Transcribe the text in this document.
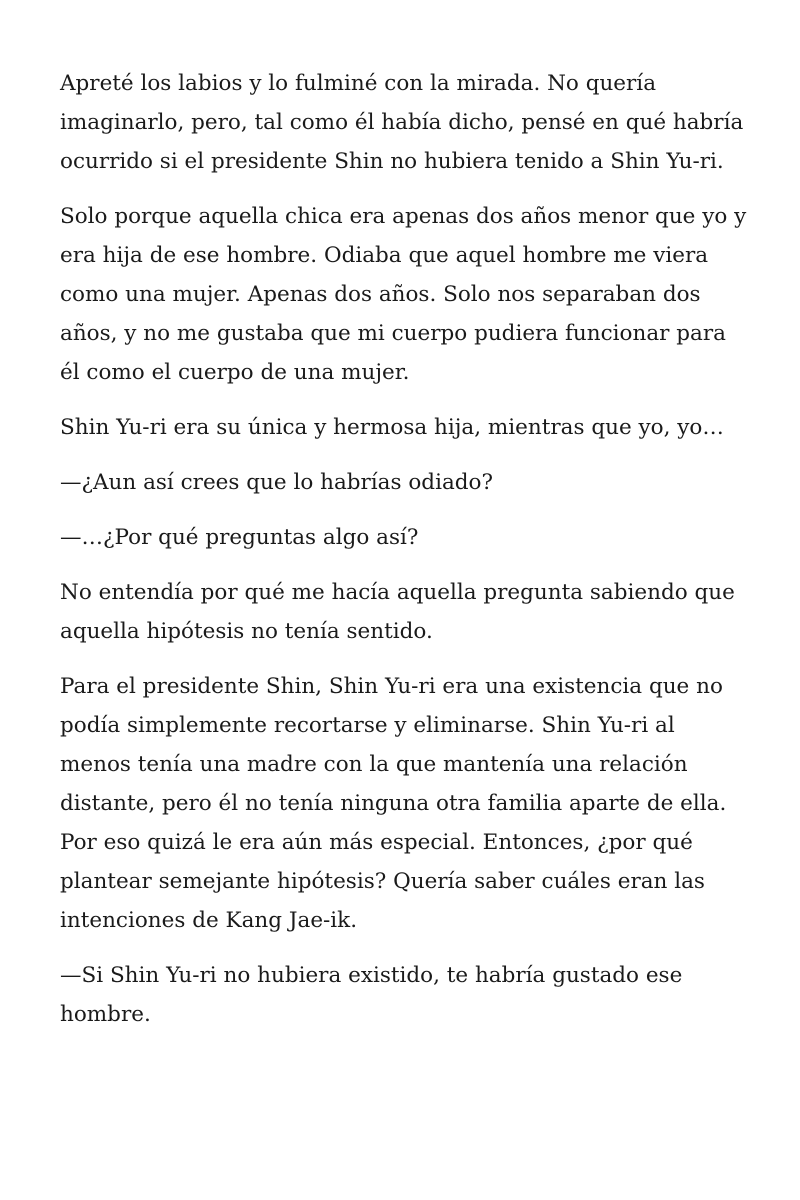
Apreté los labios y lo fulminé con la mirada. No quería imaginarlo, pero, tal como él había dicho, pensé en qué habría ocurrido si el presidente Shin no hubiera tenido a Shin Yu-ri.

Solo porque aquella chica era apenas dos años menor que yo y era hija de ese hombre. Odiaba que aquel hombre me viera como una mujer. Apenas dos años. Solo nos separaban dos años, y no me gustaba que mi cuerpo pudiera funcionar para él como el cuerpo de una mujer.

Shin Yu-ri era su única y hermosa hija, mientras que yo, yo…

—¿Aun así crees que lo habrías odiado?

—…¿Por qué preguntas algo así?

No entendía por qué me hacía aquella pregunta sabiendo que aquella hipótesis no tenía sentido.

Para el presidente Shin, Shin Yu-ri era una existencia que no podía simplemente recortarse y eliminarse. Shin Yu-ri al menos tenía una madre con la que mantenía una relación distante, pero él no tenía ninguna otra familia aparte de ella. Por eso quizá le era aún más especial. Entonces, ¿por qué plantear semejante hipótesis? Quería saber cuáles eran las intenciones de Kang Jae-ik.

—Si Shin Yu-ri no hubiera existido, te habría gustado ese hombre.
